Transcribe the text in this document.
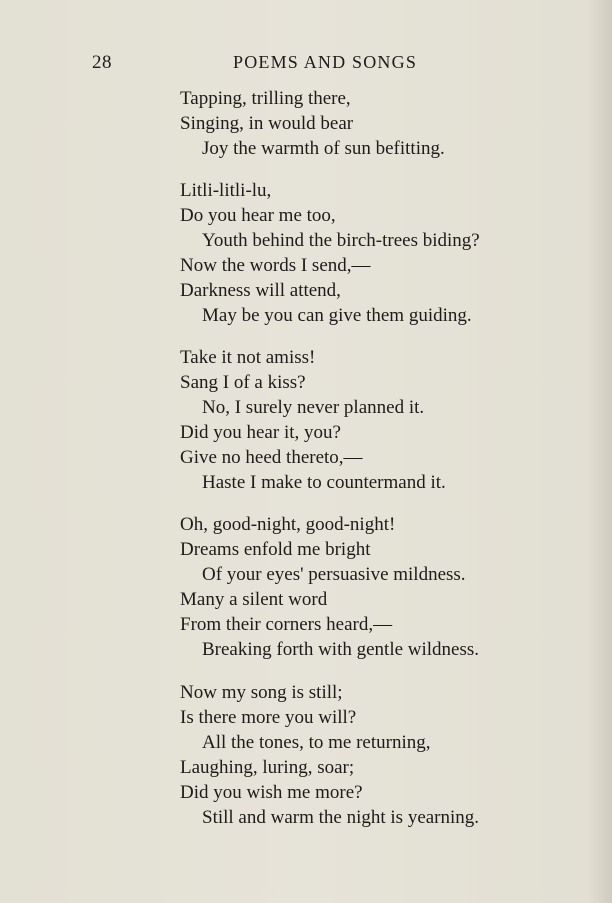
28	POEMS AND SONGS
Tapping, trilling there,
Singing, in would bear
Joy the warmth of sun befitting.
Litli-litli-lu,
Do you hear me too,
Youth behind the birch-trees biding?
Now the words I send,—
Darkness will attend,
May be you can give them guiding.
Take it not amiss!
Sang I of a kiss?
No, I surely never planned it.
Did you hear it, you?
Give no heed thereto,—
Haste I make to countermand it.
Oh, good-night, good-night!
Dreams enfold me bright
Of your eyes' persuasive mildness.
Many a silent word
From their corners heard,—
Breaking forth with gentle wildness.
Now my song is still;
Is there more you will?
All the tones, to me returning,
Laughing, luring, soar;
Did you wish me more?
Still and warm the night is yearning.
